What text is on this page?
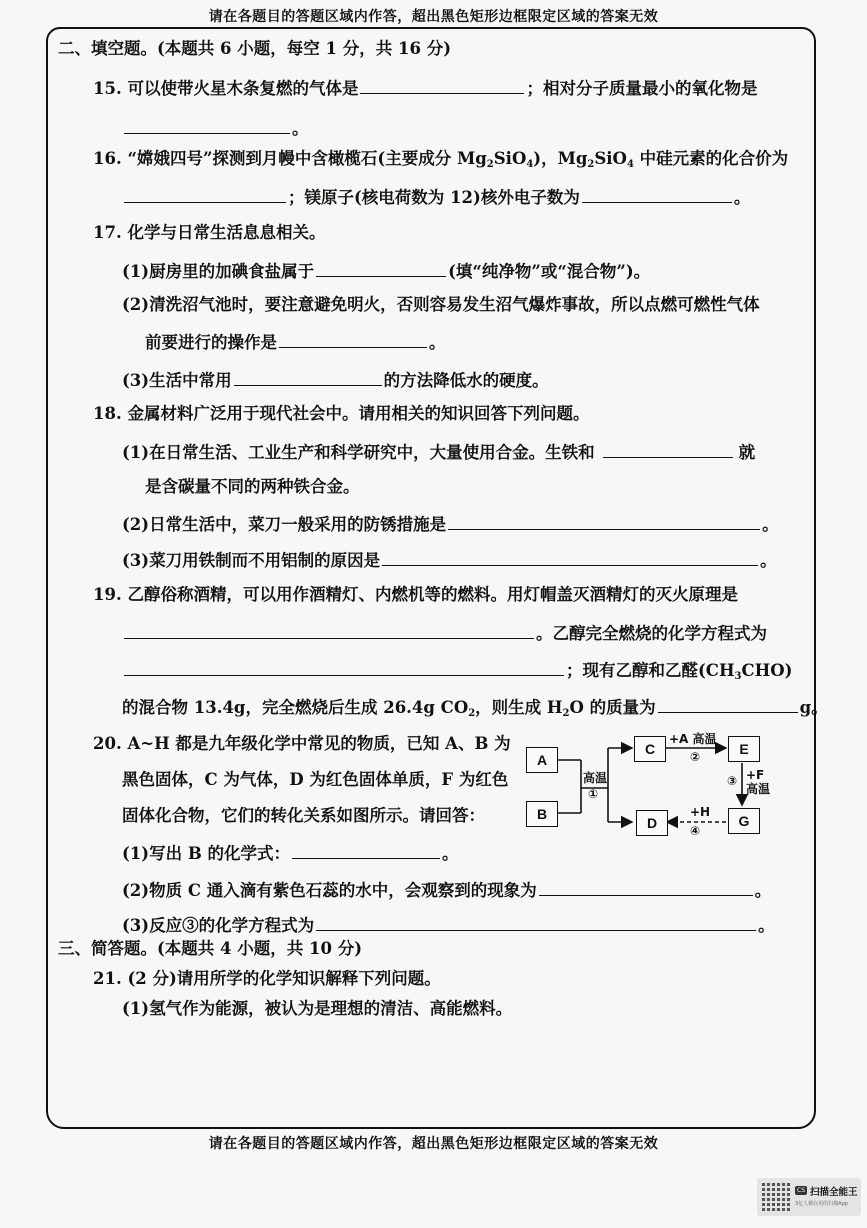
请在各题目的答题区域内作答，超出黑色矩形边框限定区域的答案无效
二、填空题。(本题共 6 小题，每空 1 分，共 16 分)
15. 可以使带火星木条复燃的气体是	；相对分子质量最小的氧化物是
。
16. “嫦娥四号”探测到月幔中含橄榄石(主要成分 $Mg_2SiO_4$)，$Mg_2SiO_4$ 中硅元素的化合价为
；镁原子(核电荷数为 12)核外电子数为	。
17. 化学与日常生活息息相关。
(1)厨房里的加碘食盐属于	(填“纯净物”或“混合物”)。
(2)清洗沼气池时，要注意避免明火，否则容易发生沼气爆炸事故，所以点燃可燃性气体
前要进行的操作是	。
(3)生活中常用	的方法降低水的硬度。
18. 金属材料广泛用于现代社会中。请用相关的知识回答下列问题。
(1)在日常生活、工业生产和科学研究中，大量使用合金。生铁和	就
是含碳量不同的两种铁合金。
(2)日常生活中，菜刀一般采用的防锈措施是	。
(3)菜刀用铁制而不用铝制的原因是	。
19. 乙醇俗称酒精，可以用作酒精灯、内燃机等的燃料。用灯帽盖灭酒精灯的灭火原理是
。乙醇完全燃烧的化学方程式为
；现有乙醇和乙醛$(CH_3CHO)$
的混合物 13.4g，完全燃烧后生成 26.4g $CO_2$，则生成 $H_2O$ 的质量为	g。
20. A~H 都是九年级化学中常见的物质，已知 A、B 为
黑色固体，C 为气体，D 为红色固体单质，F 为红色
固体化合物，它们的转化关系如图所示。请回答：
(1)写出 B 的化学式：	。
(2)物质 C 通入滴有紫色石蕊的水中，会观察到的现象为	。
(3)反应③的化学方程式为	。
A
B
C
D
E
G
高温
①
+A 高温
②
③ +F
高温
+H
④
三、简答题。(本题共 4 小题，共 10 分)
21. (2 分)请用所学的化学知识解释下列问题。
(1)氢气作为能源，被认为是理想的清洁、高能燃料。
请在各题目的答题区域内作答，超出黑色矩形边框限定区域的答案无效
CS 扫描全能王
3亿人都在用的扫描App
